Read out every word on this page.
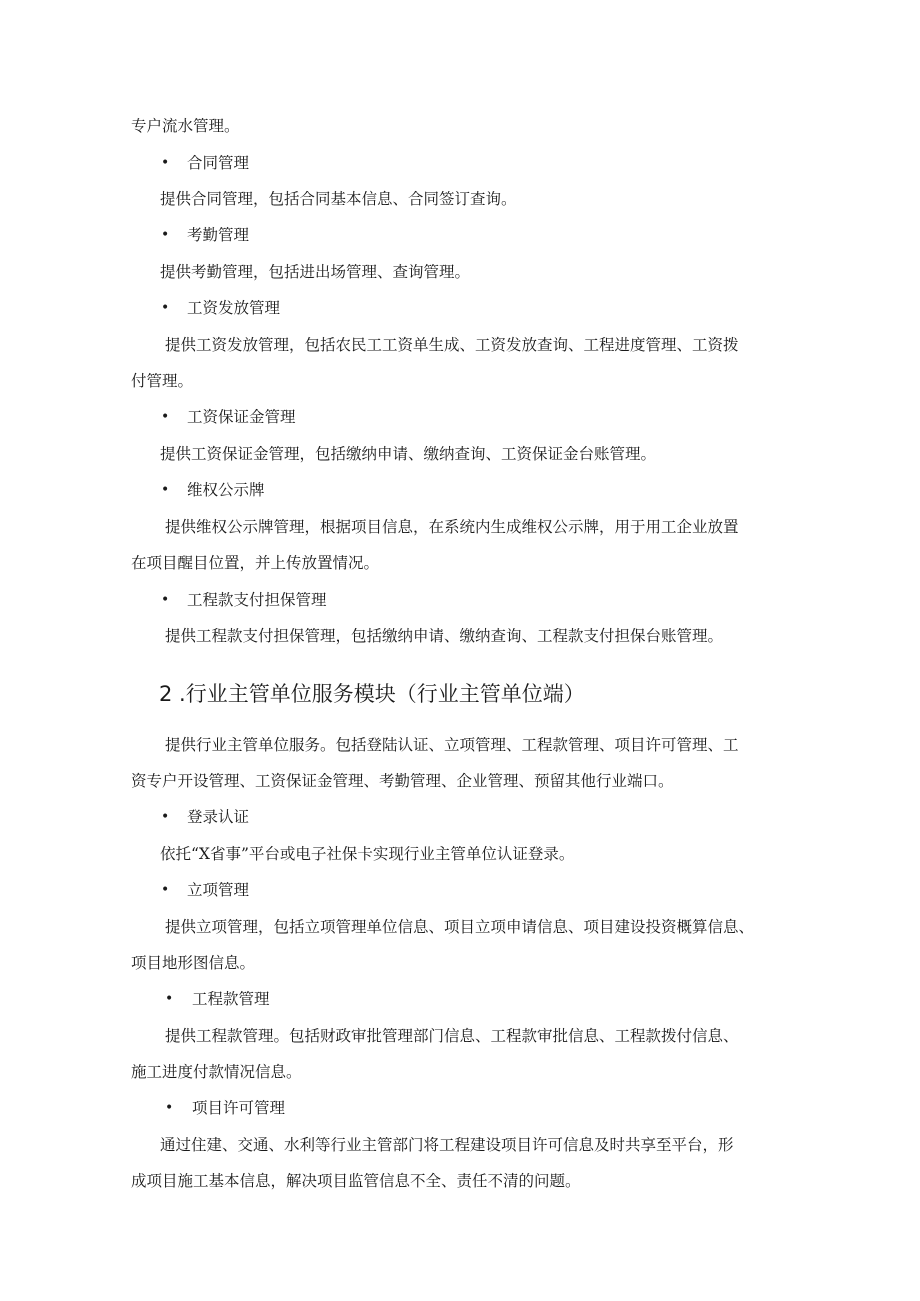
专户流水管理。
• 合同管理
提供合同管理，包括合同基本信息、合同签订查询。
• 考勤管理
提供考勤管理，包括进出场管理、查询管理。
• 工资发放管理
提供工资发放管理，包括农民工工资单生成、工资发放查询、工程进度管理、工资拨
付管理。
• 工资保证金管理
提供工资保证金管理，包括缴纳申请、缴纳查询、工资保证金台账管理。
• 维权公示牌
提供维权公示牌管理，根据项目信息，在系统内生成维权公示牌，用于用工企业放置
在项目醒目位置，并上传放置情况。
• 工程款支付担保管理
提供工程款支付担保管理，包括缴纳申请、缴纳查询、工程款支付担保台账管理。
2 .行业主管单位服务模块（行业主管单位端）
提供行业主管单位服务。包括登陆认证、立项管理、工程款管理、项目许可管理、工
资专户开设管理、工资保证金管理、考勤管理、企业管理、预留其他行业端口。
• 登录认证
依托“X省事”平台或电子社保卡实现行业主管单位认证登录。
• 立项管理
提供立项管理，包括立项管理单位信息、项目立项申请信息、项目建设投资概算信息、
项目地形图信息。
• 工程款管理
提供工程款管理。包括财政审批管理部门信息、工程款审批信息、工程款拨付信息、
施工进度付款情况信息。
• 项目许可管理
通过住建、交通、水利等行业主管部门将工程建设项目许可信息及时共享至平台，形
成项目施工基本信息，解决项目监管信息不全、责任不清的问题。
